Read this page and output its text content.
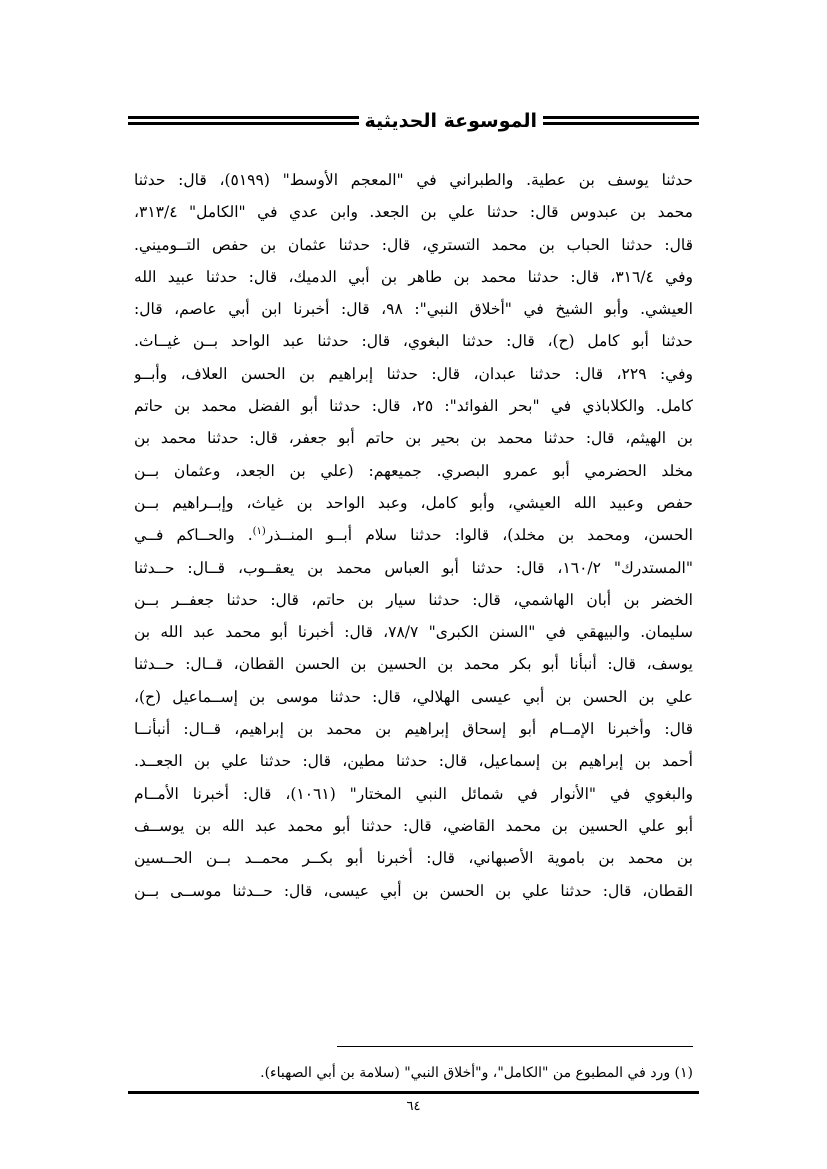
الموسوعة الحديثية
حدثنا يوسف بن عطية. والطبراني في "المعجم الأوسط" (٥١٩٩)، قال: حدثنا
محمد بن عبدوس قال: حدثنا علي بن الجعد. وابن عدي في "الكامل" ٣١٣/٤،
قال: حدثنا الحباب بن محمد التستري، قال: حدثنا عثمان بن حفص التــوميني.
وفي ٣١٦/٤، قال: حدثنا محمد بن طاهر بن أبي الدميك، قال: حدثنا عبيد الله
العيشي. وأبو الشيخ في "أخلاق النبي": ٩٨، قال: أخبرنا ابن أبي عاصم، قال:
حدثنا أبو كامل (ح)، قال: حدثنا البغوي، قال: حدثنا عبد الواحد بــن غيــاث.
وفي: ٢٢٩، قال: حدثنا عبدان، قال: حدثنا إبراهيم بن الحسن العلاف، وأبــو
كامل. والكلاباذي في "بحر الفوائد": ٢٥، قال: حدثنا أبو الفضل محمد بن حاتم
بن الهيثم، قال: حدثنا محمد بن بحير بن حاتم أبو جعفر، قال: حدثنا محمد بن
مخلد الحضرمي أبو عمرو البصري. جميعهم: (علي بن الجعد، وعثمان بــن
حفص وعبيد الله العيشي، وأبو كامل، وعبد الواحد بن غياث، وإبــراهيم بــن
الحسن، ومحمد بن مخلد)، قالوا: حدثنا سلام أبــو المنــذر$^{(١)}$. والحــاكم فــي
"المستدرك" ١٦٠/٢، قال: حدثنا أبو العباس محمد بن يعقــوب، قــال: حــدثنا
الخضر بن أبان الهاشمي، قال: حدثنا سيار بن حاتم، قال: حدثنا جعفــر بــن
سليمان. والبيهقي في "السنن الكبرى" ٧٨/٧، قال: أخبرنا أبو محمد عبد الله بن
يوسف، قال: أنبأنا أبو بكر محمد بن الحسين بن الحسن القطان، قــال: حــدثنا
علي بن الحسن بن أبي عيسى الهلالي، قال: حدثنا موسى بن إســماعيل (ح)،
قال: وأخبرنا الإمــام أبو إسحاق إبراهيم بن محمد بن إبراهيم، قــال: أنبأنــا
أحمد بن إبراهيم بن إسماعيل، قال: حدثنا مطين، قال: حدثنا علي بن الجعــد.
والبغوي في "الأنوار في شمائل النبي المختار" (١٠٦١)، قال: أخبرنا الأمــام
أبو علي الحسين بن محمد القاضي، قال: حدثنا أبو محمد عبد الله بن يوســف
بن محمد بن باموية الأصبهاني، قال: أخبرنا أبو بكــر محمــد بــن الحــسين
القطان، قال: حدثنا علي بن الحسن بن أبي عيسى، قال: حــدثنا موســى بــن
(١) ورد في المطبوع من "الكامل"، و"أخلاق النبي" (سلامة بن أبي الصهباء).
٦٤
